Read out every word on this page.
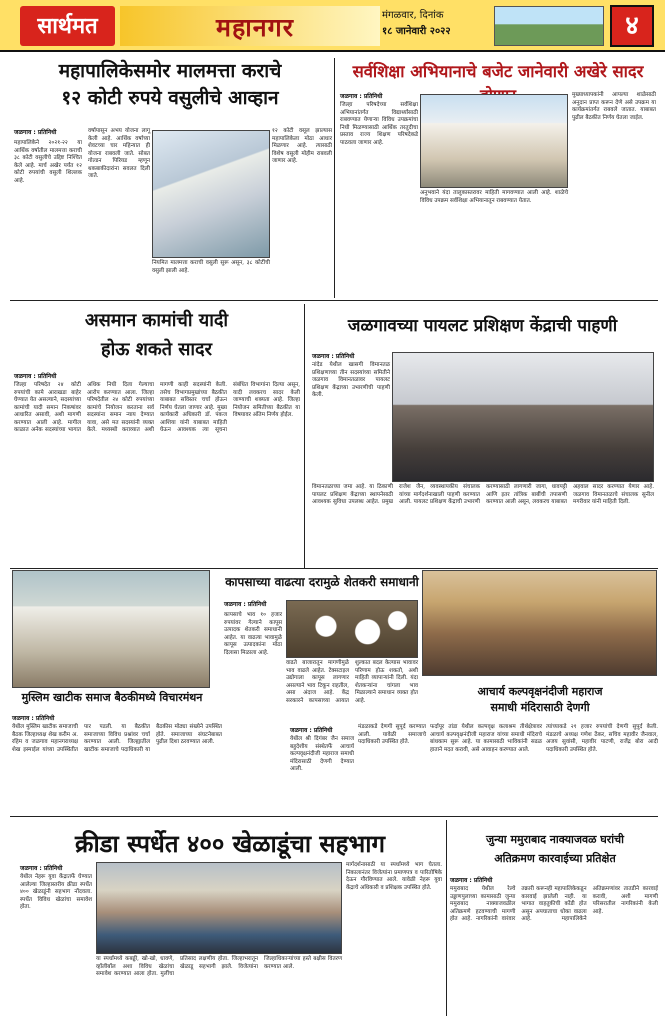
सार्थमत	महानगर	मंगळवार, दिनांक
१८ जानेवारी २०२२	४
महापालिकेसमोर मालमत्ता कराचे
१२ कोटी रुपये वसुलीचे आव्हान
जळगाव : प्रतिनिधी
महापालिकेने २०२१-२२ या आर्थिक वर्षातील मालमत्ता कराची ३८ कोटी वसुलीचे उद्दिष्ट निश्चित केले आहे. मार्च अखेर पर्यंत १२ कोटी रुपयांची वसुली शिल्लक आहे.
वर्षापासून अभय योजना लागू केली आहे. आर्थिक वर्षाच्या शेवटच्या चार महिन्यात ही योजना राबवली जाते. सोबत गोल्डन पिरियड म्हणून थकबाकीदारांना सवलत दिली जाते.
१२ कोटी वसूल झाल्यास महापालिकेला मोठा आधार मिळणार आहे. त्यासाठी विशेष वसुली मोहीम राबवली जाणार आहे.
नियमित मालमत्ता कराची वसुली सुरू असून, ३८ कोटींची वसुली झाली आहे.
सर्वशिक्षा अभियानाचे बजेट जानेवारी अखेरे सादर
जळगाव : प्रतिनिधी
जिल्हा परिषदेच्या सर्वशिक्षा अभियानांतर्गत विद्यार्थ्यांसाठी राबवण्यात येणाऱ्या विविध उपक्रमांचा निधी मिळण्यासाठी आर्थिक तरतुदीचा प्रस्ताव राज्य शिक्षण परिषदेकडे पाठवला जाणार आहे.
अनुभवाने यंदा तालुकास्तरावर माहिती मागवण्यात आली आहे. शाळेचे विविध उपक्रम सर्वशिक्षा अभियानातून राबवण्यात येतात.
मुख्याध्यापकांनी आपल्या शाळेसाठी अनुदान प्राप्त करून देणे असे उपक्रम या कार्यक्रमांतर्गत राबवले जातात. याबाबत पुढील बैठकीत निर्णय घेतला जाईल.
असमान कामांची यादी
होऊ शकते सादर
जळगाव : प्रतिनिधी
जिल्हा परिषदेत २४ कोटी रुपयांची कामे आराखडा बाहेर घेण्यात येत असल्याने, सदस्यांच्या कामांची यादी समान निकषांवर आधारित असावी, अशी मागणी करण्यात आली आहे. मागील काळात अनेक सदस्यांच्या भागात अधिक निधी दिला गेल्याचा आरोप करण्यात आला. जिल्हा परिषदेतील २४ कोटी रुपयांच्या कामांचे नियोजन करताना सर्व सदस्यांना समान न्याय देण्यात यावा, असे मत सदस्यांनी व्यक्त केले. मध्यस्थी कराव्यात अशी मागणी काही सदस्यांनी केली. तसेच विभागप्रमुखांच्या बैठकीत याबाबत सविस्तर चर्चा होऊन निर्णय घेतला जाणार आहे. मुख्य कार्यकारी अधिकारी डॉ. पंकज आशिया यांनी याबाबत माहिती घेऊन आवश्यक त्या सूचना संबंधित विभागांना दिल्या असून, यादी लवकरच सादर केली जाण्याची शक्यता आहे. जिल्हा नियोजन समितीच्या बैठकीत या विषयावर अंतिम निर्णय होईल.
जळगावच्या पायलट प्रशिक्षण केंद्राची पाहणी
जळगाव : प्रतिनिधी
नांदेड येथील खासगी विमानतळ प्रशिक्षणाच्या तीन सदस्यांच्या समितीने जळगाव विमानतळावर पायलट प्रशिक्षण केंद्राच्या उभारणीची पाहणी केली.
विमानतळाच्या जमा आहे. या ठिकाणी पायलट प्रशिक्षण केंद्राच्या स्थापनेसाठी आवश्यक सुविधा उपलब्ध आहेत. प्रमुख राजेश जैन, व्यवस्थापकीय संचालक यांच्या मार्गदर्शनाखाली पाहणी करण्यात आली. पायलट प्रशिक्षण केंद्राची उभारणी करण्यासाठी लागणारी जागा, धावपट्टी आणि इतर तांत्रिक बाबींची तपासणी करण्यात आली असून, लवकरच याबाबत अहवाल सादर करण्यात येणार आहे. जळगाव विमानतळाचे संचालक सुनील मगरीवार यांनी माहिती दिली.
मुस्लिम खाटीक समाज बैठकीमध्ये विचारमंथन
जळगाव : प्रतिनिधी
येथील मुस्लिम खाटीक समाजाची बैठक जिल्हाध्यक्ष शेख करीम अ. रहिम व जळगाव महानगराध्यक्ष शेख इस्माईल यांच्या उपस्थितीत पार पडली. या बैठकीत समाजाच्या विविध प्रश्नांवर चर्चा करण्यात आली. जिल्ह्यातील खाटीक समाजाचे पदाधिकारी या बैठकीस मोठ्या संख्येने उपस्थित होते. समाजाच्या संघटनेबाबत पुढील दिशा ठरवण्यात आली.
कापसाच्या वाढत्या दरामुळे शेतकरी समाधानी
जळगाव : प्रतिनिधी
कापसाचे भाव १० हजार रुपयांवर गेल्याने कापूस उत्पादक शेतकरी समाधानी आहेत. या वाढत्या भावामुळे कापूस उत्पादकांना मोठा दिलासा मिळाला आहे.
वाढते बाजारातून मागणीमुळे भाव वाढले आहेत. टेक्सटाइल उद्योगाला कापूस लागणार असल्याने भाव टिकून राहतील, असा अंदाज आहे. केंद्र सरकारने कापसाच्या आयात शुल्कात बदल केल्यास भावावर परिणाम होऊ शकतो, अशी माहिती व्यापाऱ्यांनी दिली. यंदा शेतकऱ्यांना चांगला भाव मिळाल्याने समाधान व्यक्त होत आहे.
आचार्य कल्पवृक्षनंदीजी महाराज
समाधी मंदिरासाठी देणगी
जळगाव : प्रतिनिधी
येथील श्री दिगंबर जैन समाज बहुदेशीय संस्थेतर्फे आचार्य कल्पवृक्षनंदीजी महाराज समाधी मंदिरासाठी देणगी देण्यात आली.
मंडळाकडे देणगी सुपूर्द करण्यात आली. यावेळी समाजाचे पदाधिकारी उपस्थित होते.
फर्दापूर तांडा येथील कल्पवृक्ष कलाश्रम तीर्थक्षेत्रावर आचार्य कल्पवृक्षनंदीजी महाराज यांच्या समाधी मंदिराचे बांधकाम सुरू आहे. या कामासाठी भाविकांनी सढळ हाताने मदत करावी, असे आवाहन करण्यात आले.
त्यांच्याकडे २१ हजार रुपयांची देणगी सुपूर्द केली. मंडळाचे अध्यक्ष गणेश ठेंकर, सचिव महावीर जैनवाल, अजय सुवांसी, महावीर पाटणी, राजेंद्र बोरा आदी पदाधिकारी उपस्थित होते.
क्रीडा स्पर्धेत ४०० खेळाडूंचा सहभाग
जळगाव : प्रतिनिधी
येथील नेहरू युवा केंद्रातर्फे घेण्यात आलेल्या जिल्हास्तरीय क्रीडा स्पर्धेत ४०० खेळाडूंनी सहभाग नोंदवला. स्पर्धेत विविध खेळांचा समावेश होता.
मार्गदर्शनासाठी या स्पर्धांमध्ये भाग घेतला. निकालानंतर विजेत्यांना प्रमाणपत्र व पारितोषिके देऊन गौरविण्यात आले. यावेळी नेहरू युवा केंद्राचे अधिकारी व प्रशिक्षक उपस्थित होते.
या स्पर्धांमध्ये कबड्डी, खो-खो, धावणे, व्हॉलीबॉल अशा विविध खेळांचा समावेश करण्यात आला होता. मुलींचा प्रतिसाद लक्षणीय होता. जिल्हाभरातून खेळाडू सहभागी झाले. विजेत्यांना जिल्हाधिकाऱ्यांच्या हस्ते बक्षीस वितरण करण्यात आले.
जुन्या ममुराबाद नाक्याजवळ घरांची
अतिक्रमण कारवाईच्या प्रतिक्षेत
जळगाव : प्रतिनिधी
ममुराबाद येथील रेल्वे उड्डाणपुलाच्या कामासाठी जुन्या ममुराबाद नाक्याजवळील अतिक्रमणे हटवण्याची मागणी होत आहे. नागरिकांनी वारंवार तक्रारी करूनही महापालिकेकडून कारवाई झालेली नाही. या भागात वाहतुकीची कोंडी होत असून अपघाताचा धोका वाढला आहे. महापालिकेने अतिक्रमणांवर तातडीने कारवाई करावी, अशी मागणी परिसरातील नागरिकांनी केली आहे.
